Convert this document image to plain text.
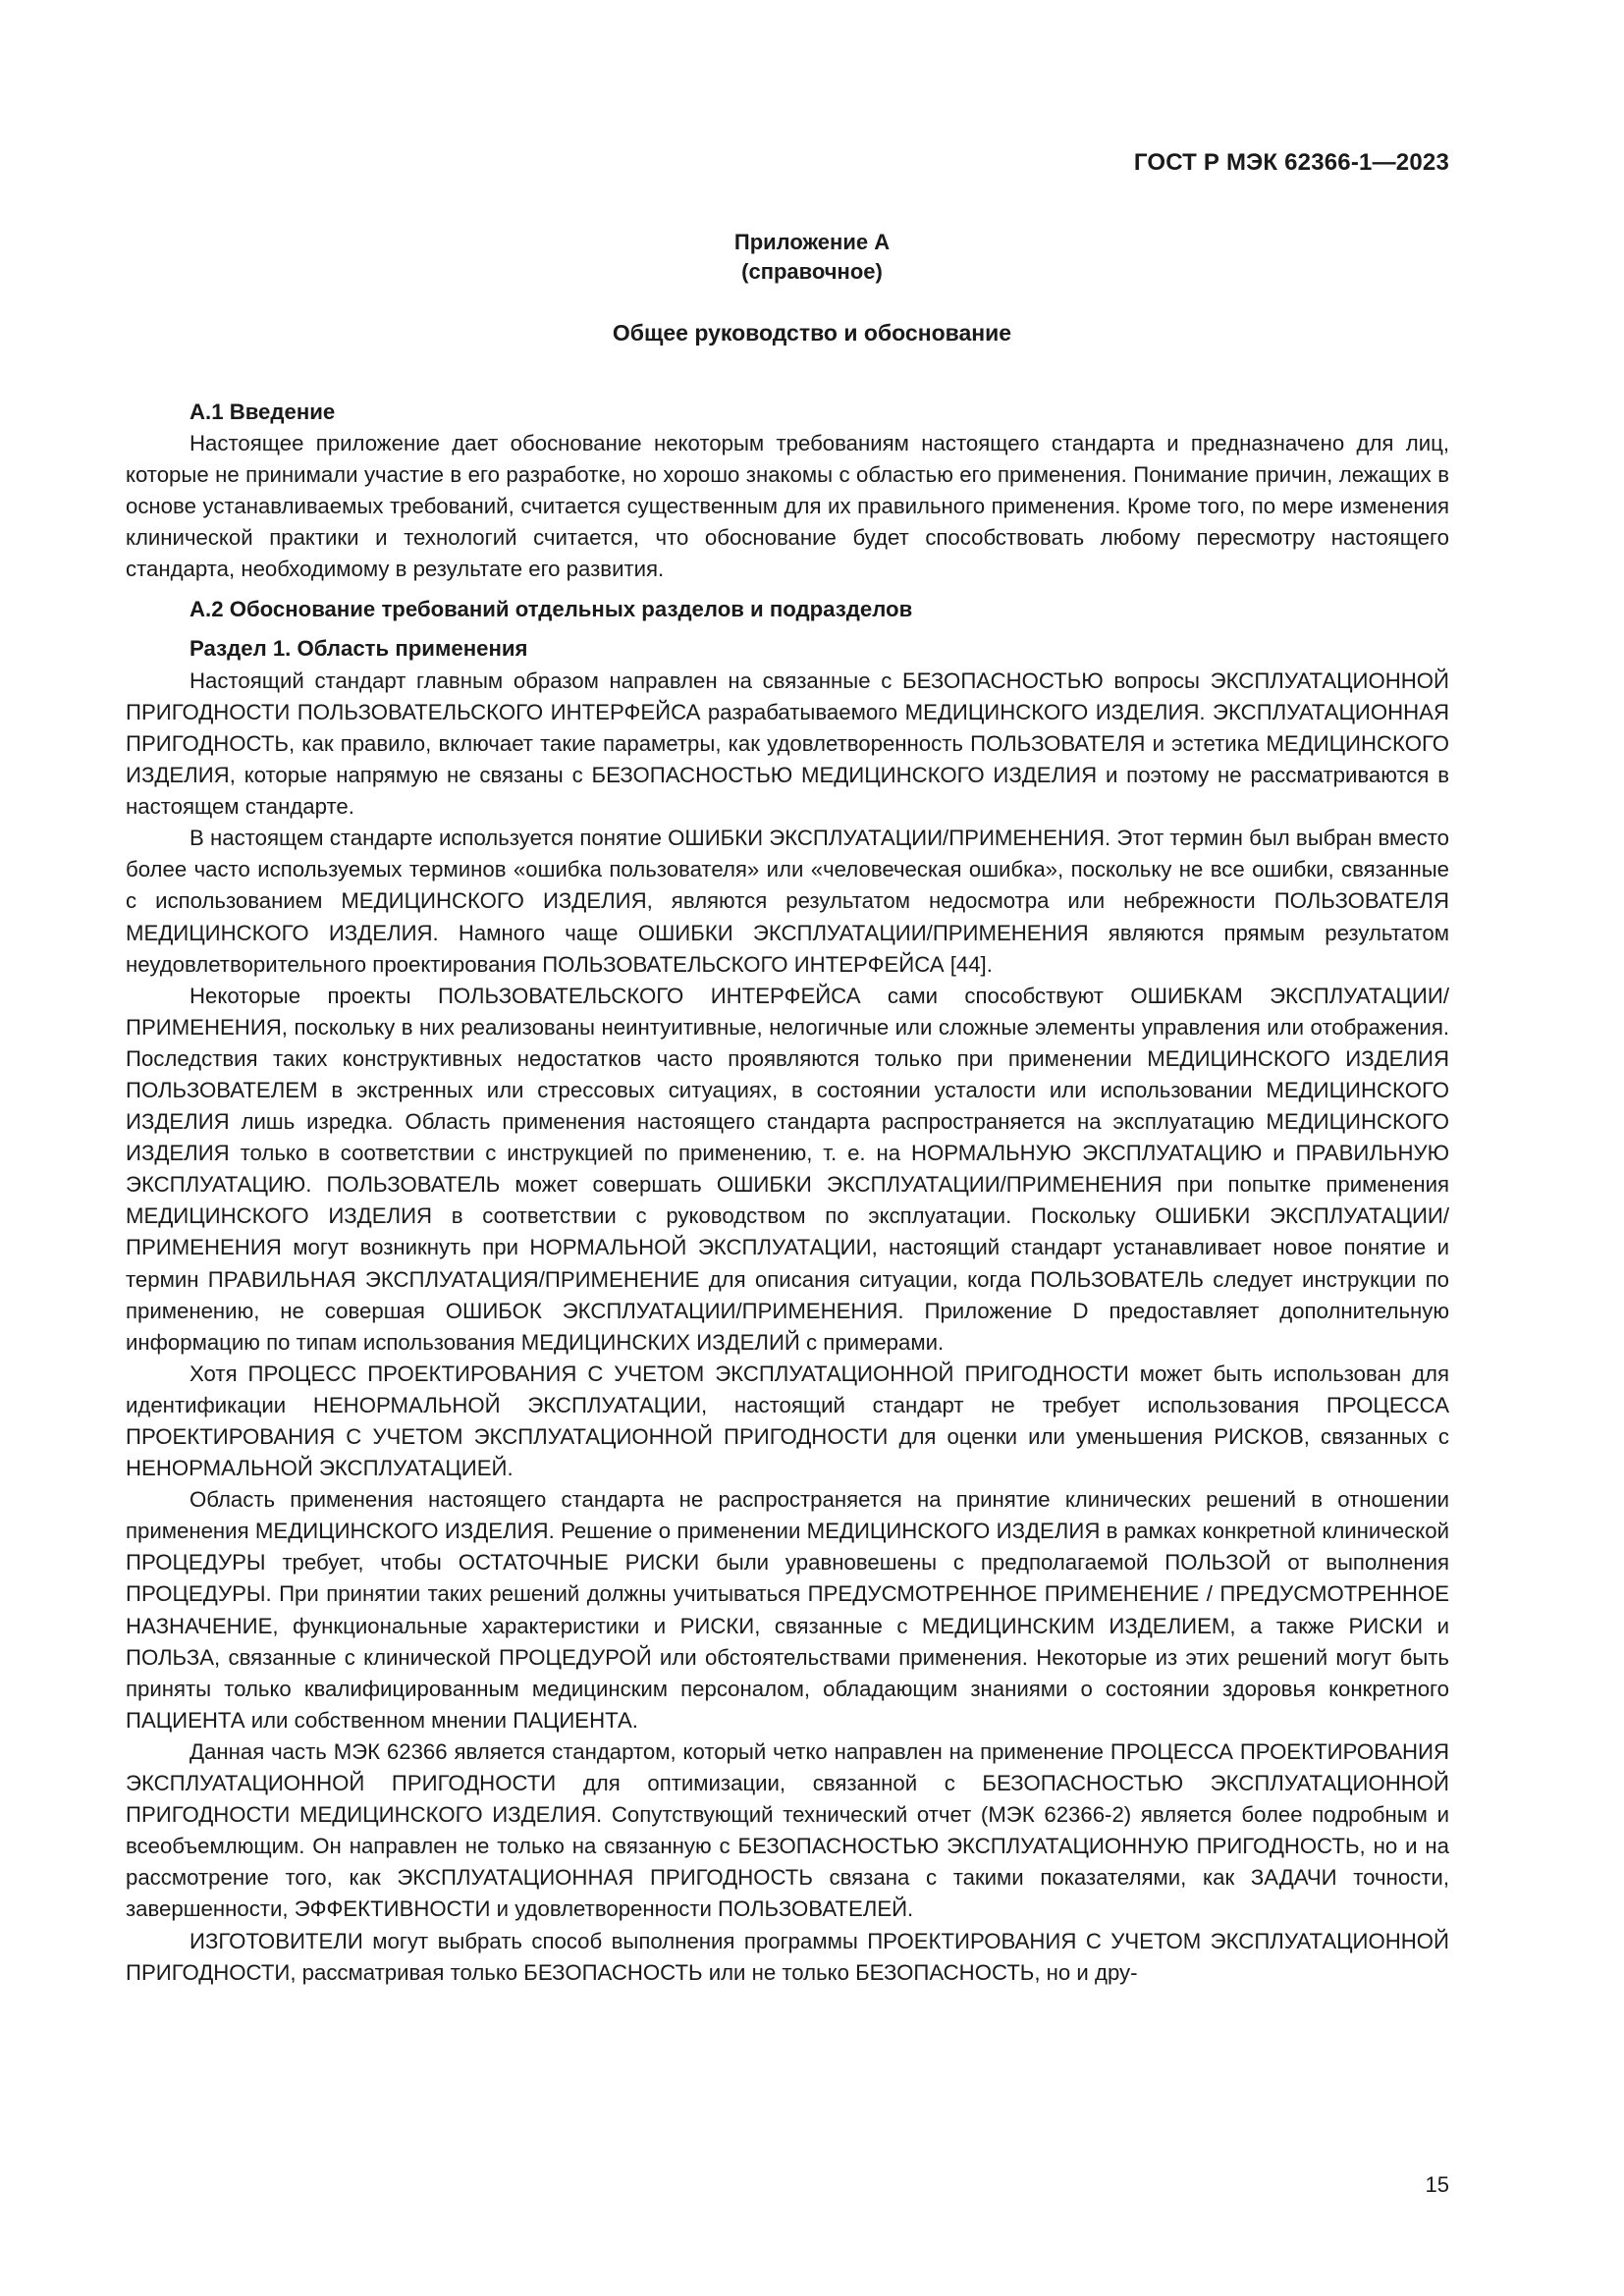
ГОСТ Р МЭК 62366-1—2023
Приложение А
(справочное)
Общее руководство и обоснование
А.1 Введение

Настоящее приложение дает обоснование некоторым требованиям настоящего стандарта и предназначено для лиц, которые не принимали участие в его разработке, но хорошо знакомы с областью его применения. Понимание причин, лежащих в основе устанавливаемых требований, считается существенным для их правильного применения. Кроме того, по мере изменения клинической практики и технологий считается, что обоснование будет способствовать любому пересмотру настоящего стандарта, необходимому в результате его развития.

А.2 Обоснование требований отдельных разделов и подразделов
Раздел 1. Область применения

Настоящий стандарт главным образом направлен на связанные с БЕЗОПАСНОСТЬЮ вопросы ЭКСПЛУАТАЦИОННОЙ ПРИГОДНОСТИ ПОЛЬЗОВАТЕЛЬСКОГО ИНТЕРФЕЙСА разрабатываемого МЕДИЦИНСКОГО ИЗДЕЛИЯ. ЭКСПЛУАТАЦИОННАЯ ПРИГОДНОСТЬ, как правило, включает такие параметры, как удовлетворенность ПОЛЬЗОВАТЕЛЯ и эстетика МЕДИЦИНСКОГО ИЗДЕЛИЯ, которые напрямую не связаны с БЕЗОПАСНОСТЬЮ МЕДИЦИНСКОГО ИЗДЕЛИЯ и поэтому не рассматриваются в настоящем стандарте.

В настоящем стандарте используется понятие ОШИБКИ ЭКСПЛУАТАЦИИ/ПРИМЕНЕНИЯ. Этот термин был выбран вместо более часто используемых терминов «ошибка пользователя» или «человеческая ошибка», поскольку не все ошибки, связанные с использованием МЕДИЦИНСКОГО ИЗДЕЛИЯ, являются результатом недосмотра или небрежности ПОЛЬЗОВАТЕЛЯ МЕДИЦИНСКОГО ИЗДЕЛИЯ. Намного чаще ОШИБКИ ЭКСПЛУАТАЦИИ/ПРИМЕНЕНИЯ являются прямым результатом неудовлетворительного проектирования ПОЛЬЗОВАТЕЛЬСКОГО ИНТЕРФЕЙСА [44].

Некоторые проекты ПОЛЬЗОВАТЕЛЬСКОГО ИНТЕРФЕЙСА сами способствуют ОШИБКАМ ЭКСПЛУАТАЦИИ/ПРИМЕНЕНИЯ, поскольку в них реализованы неинтуитивные, нелогичные или сложные элементы управления или отображения. Последствия таких конструктивных недостатков часто проявляются только при применении МЕДИЦИНСКОГО ИЗДЕЛИЯ ПОЛЬЗОВАТЕЛЕМ в экстренных или стрессовых ситуациях, в состоянии усталости или использовании МЕДИЦИНСКОГО ИЗДЕЛИЯ лишь изредка. Область применения настоящего стандарта распространяется на эксплуатацию МЕДИЦИНСКОГО ИЗДЕЛИЯ только в соответствии с инструкцией по применению, т. е. на НОРМАЛЬНУЮ ЭКСПЛУАТАЦИЮ и ПРАВИЛЬНУЮ ЭКСПЛУАТАЦИЮ. ПОЛЬЗОВАТЕЛЬ может совершать ОШИБКИ ЭКСПЛУАТАЦИИ/ПРИМЕНЕНИЯ при попытке применения МЕДИЦИНСКОГО ИЗДЕЛИЯ в соответствии с руководством по эксплуатации. Поскольку ОШИБКИ ЭКСПЛУАТАЦИИ/ПРИМЕНЕНИЯ могут возникнуть при НОРМАЛЬНОЙ ЭКСПЛУАТАЦИИ, настоящий стандарт устанавливает новое понятие и термин ПРАВИЛЬНАЯ ЭКСПЛУАТАЦИЯ/ПРИМЕНЕНИЕ для описания ситуации, когда ПОЛЬЗОВАТЕЛЬ следует инструкции по применению, не совершая ОШИБОК ЭКСПЛУАТАЦИИ/ПРИМЕНЕНИЯ. Приложение D предоставляет дополнительную информацию по типам использования МЕДИЦИНСКИХ ИЗДЕЛИЙ с примерами.

Хотя ПРОЦЕСС ПРОЕКТИРОВАНИЯ С УЧЕТОМ ЭКСПЛУАТАЦИОННОЙ ПРИГОДНОСТИ может быть использован для идентификации НЕНОРМАЛЬНОЙ ЭКСПЛУАТАЦИИ, настоящий стандарт не требует использования ПРОЦЕССА ПРОЕКТИРОВАНИЯ С УЧЕТОМ ЭКСПЛУАТАЦИОННОЙ ПРИГОДНОСТИ для оценки или уменьшения РИСКОВ, связанных с НЕНОРМАЛЬНОЙ ЭКСПЛУАТАЦИЕЙ.

Область применения настоящего стандарта не распространяется на принятие клинических решений в отношении применения МЕДИЦИНСКОГО ИЗДЕЛИЯ. Решение о применении МЕДИЦИНСКОГО ИЗДЕЛИЯ в рамках конкретной клинической ПРОЦЕДУРЫ требует, чтобы ОСТАТОЧНЫЕ РИСКИ были уравновешены с предполагаемой ПОЛЬЗОЙ от выполнения ПРОЦЕДУРЫ. При принятии таких решений должны учитываться ПРЕДУСМОТРЕННОЕ ПРИМЕНЕНИЕ / ПРЕДУСМОТРЕННОЕ НАЗНАЧЕНИЕ, функциональные характеристики и РИСКИ, связанные с МЕДИЦИНСКИМ ИЗДЕЛИЕМ, а также РИСКИ и ПОЛЬЗА, связанные с клинической ПРОЦЕДУРОЙ или обстоятельствами применения. Некоторые из этих решений могут быть приняты только квалифицированным медицинским персоналом, обладающим знаниями о состоянии здоровья конкретного ПАЦИЕНТА или собственном мнении ПАЦИЕНТА.

Данная часть МЭК 62366 является стандартом, который четко направлен на применение ПРОЦЕССА ПРОЕКТИРОВАНИЯ ЭКСПЛУАТАЦИОННОЙ ПРИГОДНОСТИ для оптимизации, связанной с БЕЗОПАСНОСТЬЮ ЭКСПЛУАТАЦИОННОЙ ПРИГОДНОСТИ МЕДИЦИНСКОГО ИЗДЕЛИЯ. Сопутствующий технический отчет (МЭК 62366-2) является более подробным и всеобъемлющим. Он направлен не только на связанную с БЕЗОПАСНОСТЬЮ ЭКСПЛУАТАЦИОННУЮ ПРИГОДНОСТЬ, но и на рассмотрение того, как ЭКСПЛУАТАЦИОННАЯ ПРИГОДНОСТЬ связана с такими показателями, как ЗАДАЧИ точности, завершенности, ЭФФЕКТИВНОСТИ и удовлетворенности ПОЛЬЗОВАТЕЛЕЙ.

ИЗГОТОВИТЕЛИ могут выбрать способ выполнения программы ПРОЕКТИРОВАНИЯ С УЧЕТОМ ЭКСПЛУАТАЦИОННОЙ ПРИГОДНОСТИ, рассматривая только БЕЗОПАСНОСТЬ или не только БЕЗОПАСНОСТЬ, но и дру-

15
